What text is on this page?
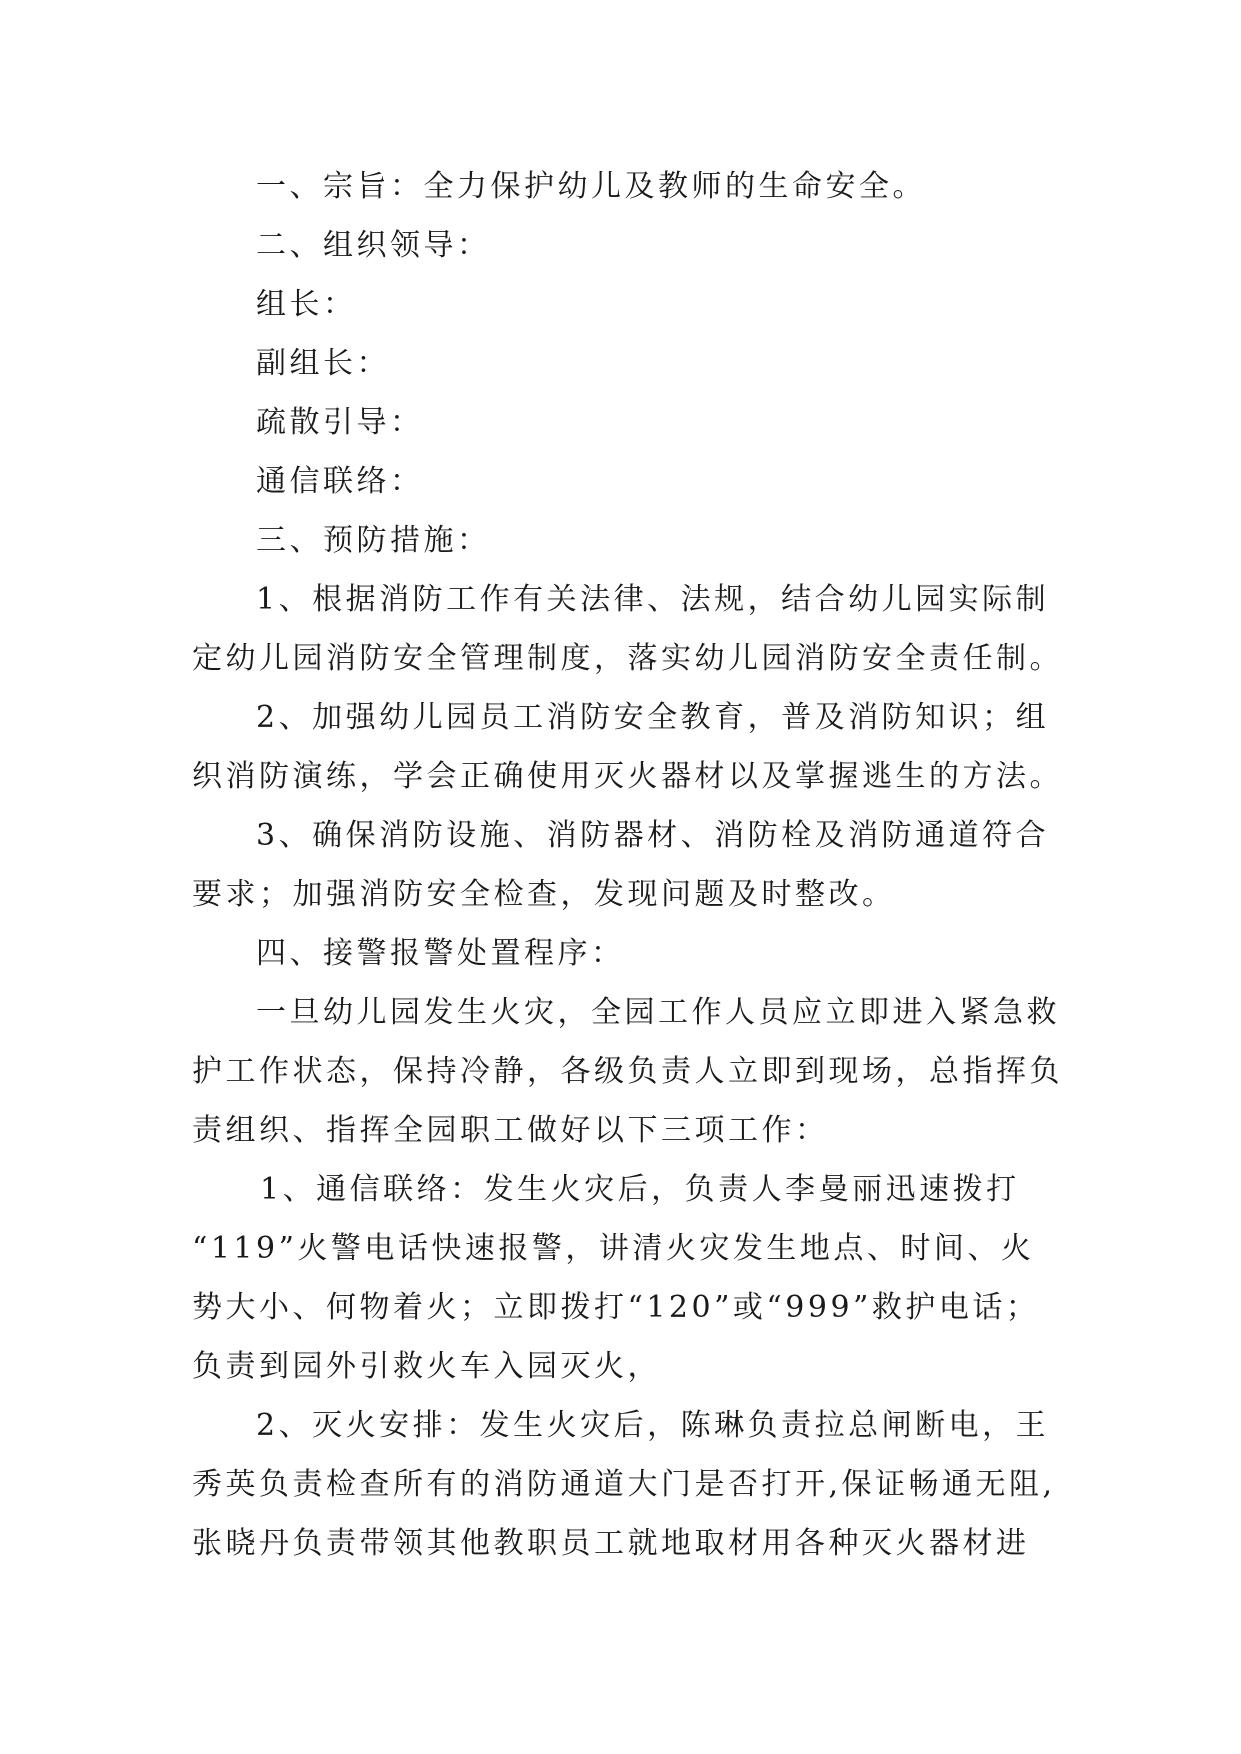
一、宗旨：全力保护幼儿及教师的生命安全。
二、组织领导：
组长：
副组长：
疏散引导：
通信联络：
三、预防措施：
1、根据消防工作有关法律、法规，结合幼儿园实际制
定幼儿园消防安全管理制度，落实幼儿园消防安全责任制。
2、加强幼儿园员工消防安全教育，普及消防知识；组
织消防演练，学会正确使用灭火器材以及掌握逃生的方法。
3、确保消防设施、消防器材、消防栓及消防通道符合
要求；加强消防安全检查，发现问题及时整改。
四、接警报警处置程序：
一旦幼儿园发生火灾，全园工作人员应立即进入紧急救
护工作状态，保持冷静，各级负责人立即到现场，总指挥负
责组织、指挥全园职工做好以下三项工作：
1、通信联络：发生火灾后，负责人李曼丽迅速拨打
“119”火警电话快速报警，讲清火灾发生地点、时间、火
势大小、何物着火；立即拨打“120”或“999”救护电话；
负责到园外引救火车入园灭火，
2、灭火安排：发生火灾后，陈琳负责拉总闸断电，王
秀英负责检查所有的消防通道大门是否打开,保证畅通无阻,
张晓丹负责带领其他教职员工就地取材用各种灭火器材进
